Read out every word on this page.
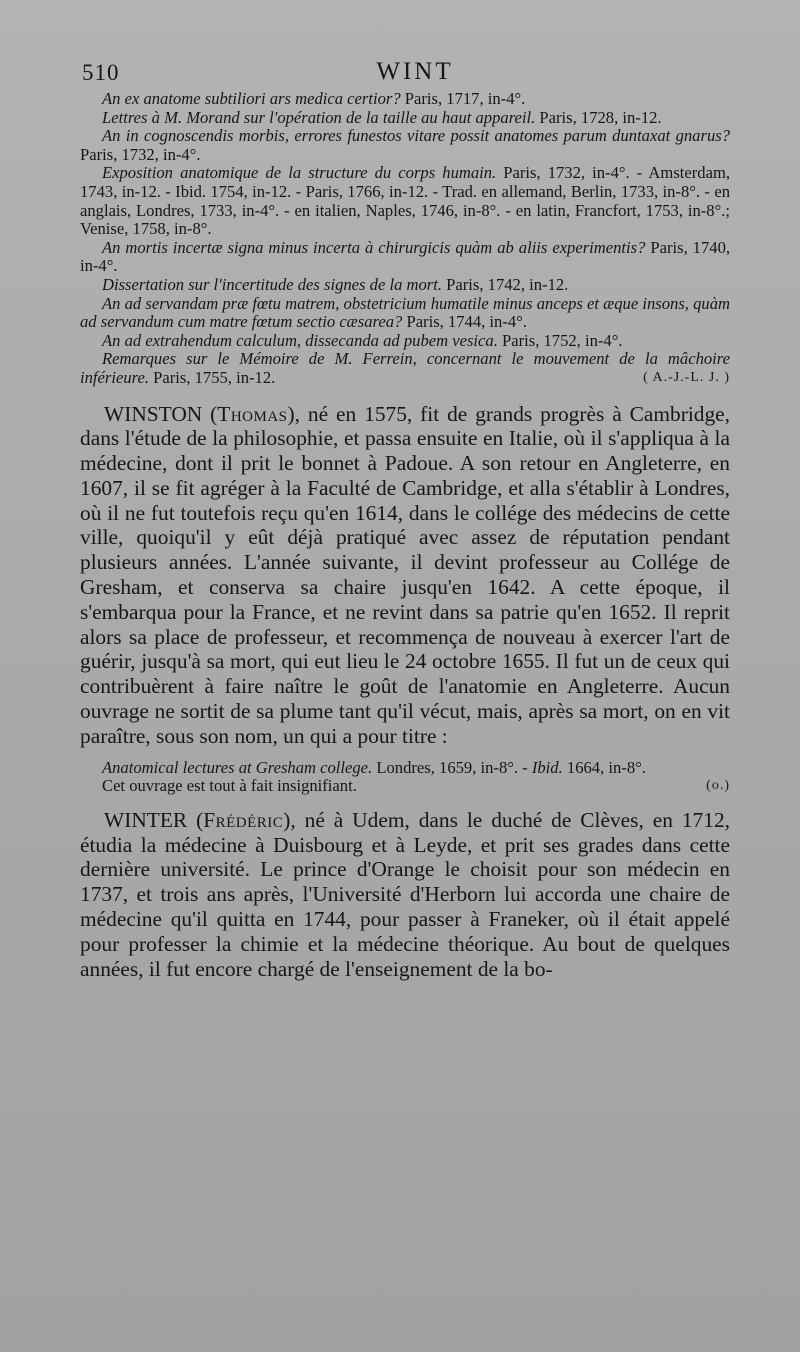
510	WINT

An ex anatome subtiliori ars medica certior? Paris, 1717, in-4°.

Lettres à M. Morand sur l'opération de la taille au haut appareil. Paris, 1728, in-12.

An in cognoscendis morbis, errores funestos vitare possit anatomes parum duntaxat gnarus? Paris, 1732, in-4°.

Exposition anatomique de la structure du corps humain. Paris, 1732, in-4°. - Amsterdam, 1743, in-12. - Ibid. 1754, in-12. - Paris, 1766, in-12. - Trad. en allemand, Berlin, 1733, in-8°. - en anglais, Londres, 1733, in-4°. - en italien, Naples, 1746, in-8°. - en latin, Francfort, 1753, in-8°.; Venise, 1758, in-8°.

An mortis incertæ signa minus incerta à chirurgicis quàm ab aliis experimentis? Paris, 1740, in-4°.

Dissertation sur l'incertitude des signes de la mort. Paris, 1742, in-12.

An ad servandam præ fœtu matrem, obstetricium humatile minus anceps et æque insons, quàm ad servandum cum matre fœtum sectio cæsarea? Paris, 1744, in-4°.

An ad extrahendum calculum, dissecanda ad pubem vesica. Paris, 1752, in-4°.

Remarques sur le Mémoire de M. Ferrein, concernant le mouvement de la mâchoire inférieure. Paris, 1755, in-12.	( A.-J.-L. J. )

WINSTON (Thomas), né en 1575, fit de grands progrès à Cambridge, dans l'étude de la philosophie, et passa ensuite en Italie, où il s'appliqua à la médecine, dont il prit le bonnet à Padoue. A son retour en Angleterre, en 1607, il se fit agréger à la Faculté de Cambridge, et alla s'établir à Londres, où il ne fut toutefois reçu qu'en 1614, dans le collége des médecins de cette ville, quoiqu'il y eût déjà pratiqué avec assez de réputation pendant plusieurs années. L'année suivante, il devint professeur au Collége de Gresham, et conserva sa chaire jusqu'en 1642. A cette époque, il s'embarqua pour la France, et ne revint dans sa patrie qu'en 1652. Il reprit alors sa place de professeur, et recommença de nouveau à exercer l'art de guérir, jusqu'à sa mort, qui eut lieu le 24 octobre 1655. Il fut un de ceux qui contribuèrent à faire naître le goût de l'anatomie en Angleterre. Aucun ouvrage ne sortit de sa plume tant qu'il vécut, mais, après sa mort, on en vit paraître, sous son nom, un qui a pour titre :

Anatomical lectures at Gresham college. Londres, 1659, in-8°. - Ibid. 1664, in-8°.

Cet ouvrage est tout à fait insignifiant.	(o.)

WINTER (Frédéric), né à Udem, dans le duché de Clèves, en 1712, étudia la médecine à Duisbourg et à Leyde, et prit ses grades dans cette dernière université. Le prince d'Orange le choisit pour son médecin en 1737, et trois ans après, l'Université d'Herborn lui accorda une chaire de médecine qu'il quitta en 1744, pour passer à Franeker, où il était appelé pour professer la chimie et la médecine théorique. Au bout de quelques années, il fut encore chargé de l'enseignement de la bo-
